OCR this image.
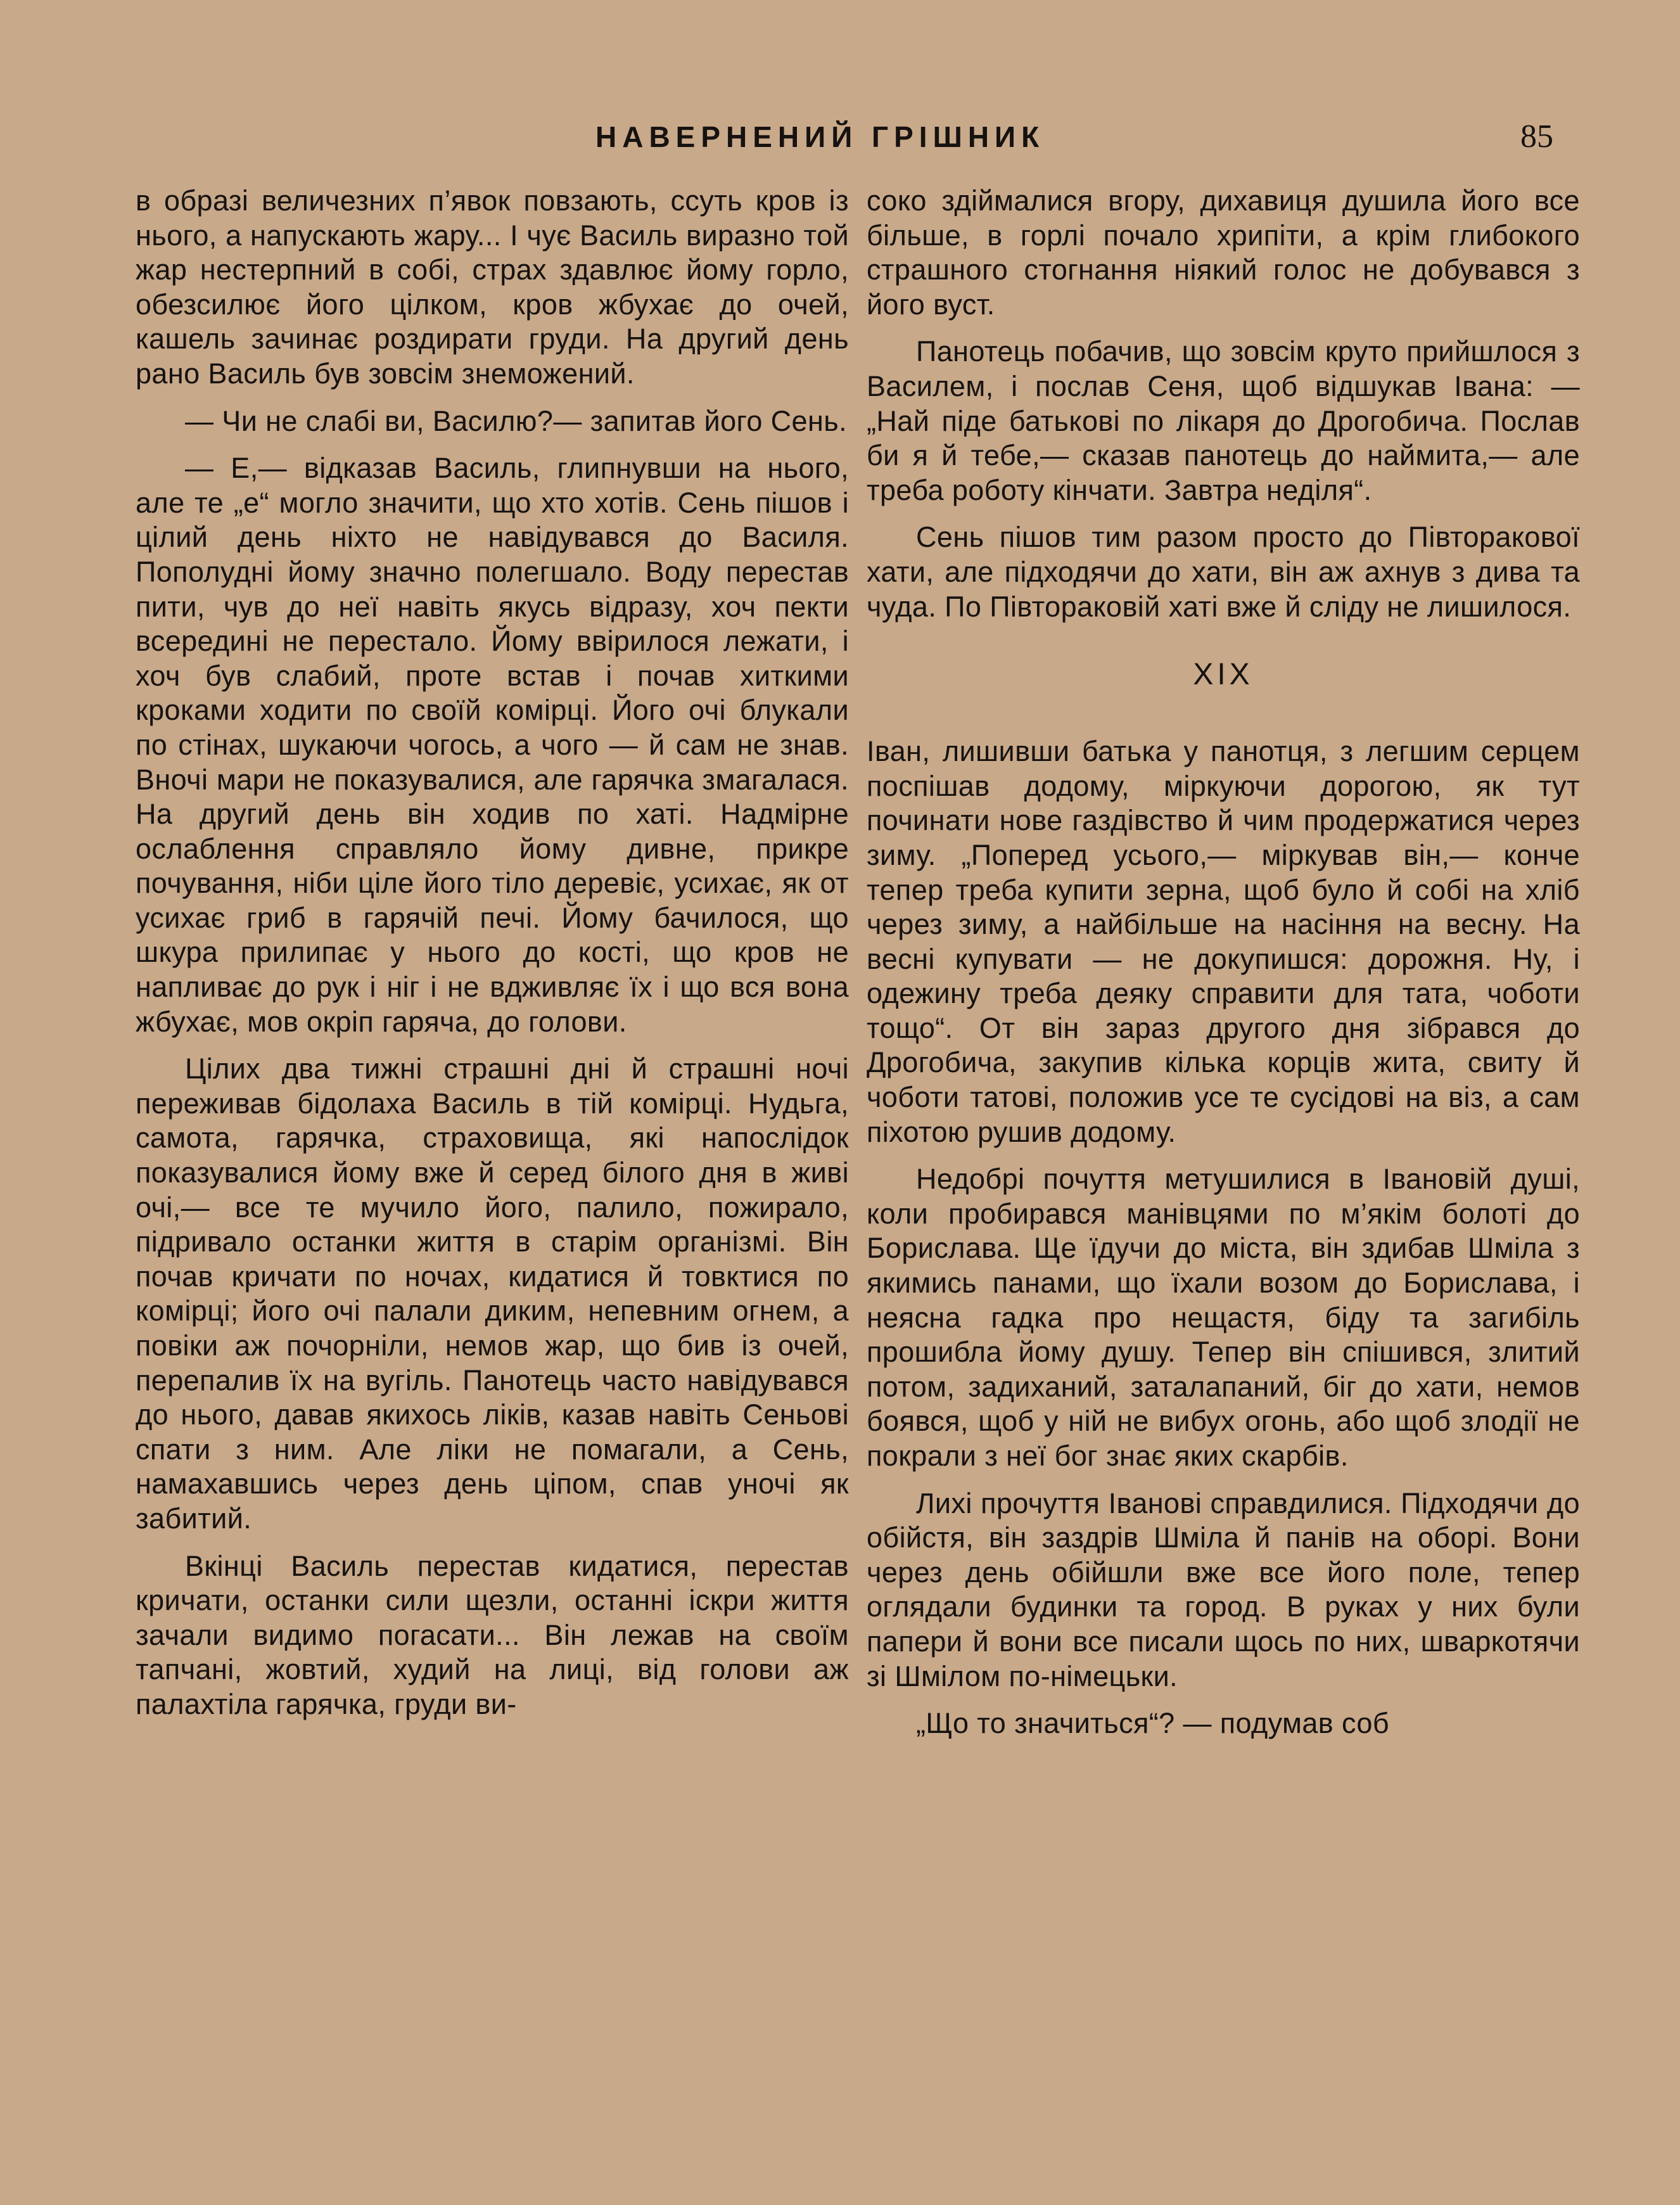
НАВЕРНЕНИЙ ГРІШНИК	85

в образі величезних п’явок повзають, ссуть кров із нього, а напускають жару... І чує Василь виразно той жар нестерпний в собі, страх здавлює йому горло, обезсилює його цілком, кров жбухає до очей, кашель зачинає роздирати груди. На другий день рано Василь був зовсім знеможений.

— Чи не слабі ви, Василю?— запитав його Сень.

— Е,— відказав Василь, глипнувши на нього, але те „е“ могло значити, що хто хотів. Сень пішов і цілий день ніхто не навідувався до Василя. Пополудні йому значно полегшало. Воду перестав пити, чув до неї навіть якусь відразу, хоч пекти всередині не перестало. Йому ввірилося лежати, і хоч був слабий, проте встав і почав хиткими кроками ходити по своїй комірці. Його очі блукали по стінах, шукаючи чогось, а чого — й сам не знав. Вночі мари не показувалися, але гарячка змагалася. На другий день він ходив по хаті. Надмірне ослаблення справляло йому дивне, прикре почування, ніби ціле його тіло деревіє, усихає, як от усихає гриб в гарячій печі. Йому бачилося, що шкура прилипає у нього до кості, що кров не напливає до рук і ніг і не вдживляє їх і що вся вона жбухає, мов окріп гаряча, до голови.

Цілих два тижні страшні дні й страшні ночі переживав бідолаха Василь в тій комірці. Нудьга, самота, гарячка, страховища, які напослідок показувалися йому вже й серед білого дня в живі очі,— все те мучило його, палило, пожирало, підривало останки життя в старім організмі. Він почав кричати по ночах, кидатися й товктися по комірці; його очі палали диким, непевним огнем, а повіки аж почорніли, немов жар, що бив із очей, перепалив їх на вугіль. Панотець часто навідувався до нього, давав якихось ліків, казав навіть Сеньові спати з ним. Але ліки не помагали, а Сень, намахавшись через день ціпом, спав уночі як забитий.

Вкінці Василь перестав кидатися, перестав кричати, останки сили щезли, останні іскри життя зачали видимо погасати... Він лежав на своїм тапчані, жовтий, худий на лиці, від голови аж палахтіла гарячка, груди ви-

соко здіймалися вгору, дихавиця душила його все більше, в горлі почало хрипіти, а крім глибокого страшного стогнання ніякий голос не добувався з його вуст.

Панотець побачив, що зовсім круто прийшлося з Василем, і послав Сеня, щоб відшукав Івана: — „Най піде батькові по лікаря до Дрогобича. Послав би я й тебе,— сказав панотець до наймита,— але треба роботу кінчати. Завтра неділя“.

Сень пішов тим разом просто до Півторакової хати, але підходячи до хати, він аж ахнув з дива та чуда. По Півтораковій хаті вже й сліду не лишилося.

XIX

Іван, лишивши батька у панотця, з легшим серцем поспішав додому, міркуючи дорогою, як тут починати нове газдівство й чим продержатися через зиму. „Поперед усього,— міркував він,— конче тепер треба купити зерна, щоб було й собі на хліб через зиму, а найбільше на насіння на весну. На весні купувати — не докупишся: дорожня. Ну, і одежину треба деяку справити для тата, чоботи тощо“. От він зараз другого дня зібрався до Дрогобича, закупив кілька корців жита, свиту й чоботи татові, положив усе те сусідові на віз, а сам піхотою рушив додому.

Недобрі почуття метушилися в Івановій душі, коли пробирався манівцями по м’якім болоті до Борислава. Ще їдучи до міста, він здибав Шміла з якимись панами, що їхали возом до Борислава, і неясна гадка про нещастя, біду та загибіль прошибла йому душу. Тепер він спішився, злитий потом, задиханий, заталапаний, біг до хати, немов боявся, щоб у ній не вибух огонь, або щоб злодії не покрали з неї бог знає яких скарбів.

Лихі прочуття Іванові справдилися. Підходячи до обійстя, він заздрів Шміла й панів на оборі. Вони через день обійшли вже все його поле, тепер оглядали будинки та город. В руках у них були папери й вони все писали щось по них, шваркотячи зі Шмілом по-німецьки.

„Що то значиться“? — подумав соб
